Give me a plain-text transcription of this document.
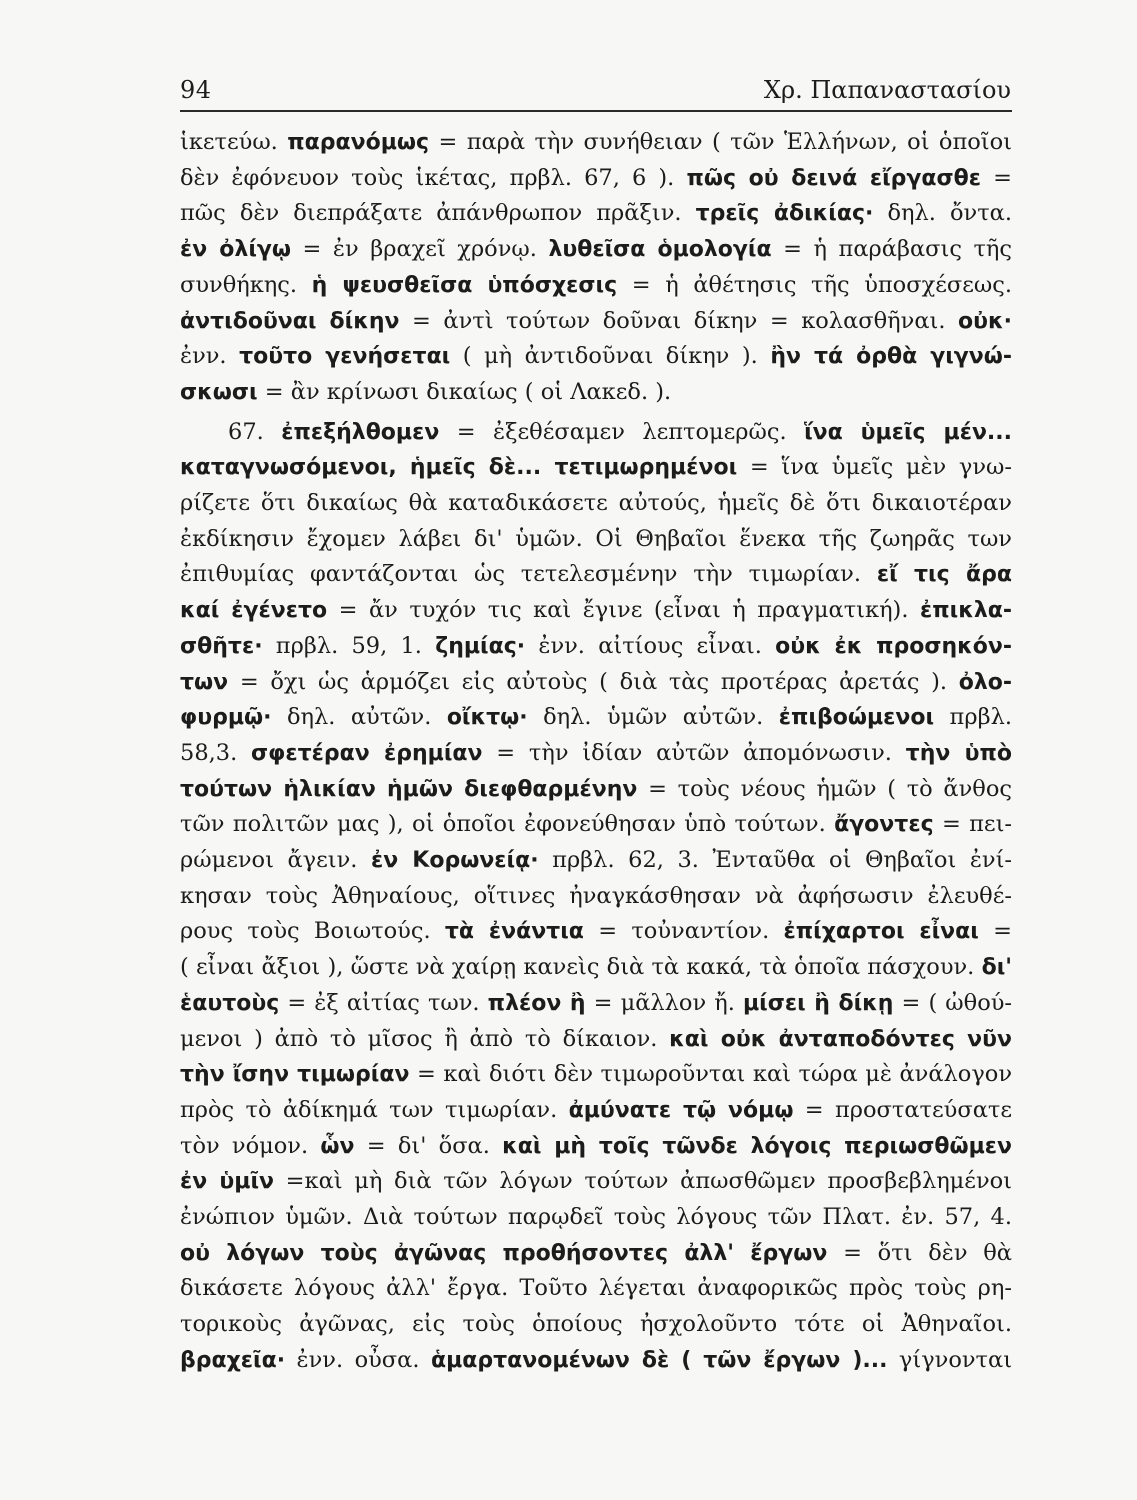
94	Χρ. Παπαναστασίου
ἱκετεύω. παρανόμως = παρὰ τὴν συνήθειαν ( τῶν Ἑλλήνων, οἱ ὁποῖοι
δὲν ἐφόνευον τοὺς ἱκέτας, πρβλ. 67, 6 ). πῶς οὐ δεινά εἴργασθε =
πῶς δὲν διεπράξατε ἀπάνθρωπον πρᾶξιν. τρεῖς ἀδικίας· δηλ. ὄντα.
ἐν ὀλίγῳ = ἐν βραχεῖ χρόνῳ. λυθεῖσα ὁμολογία = ἡ παράβασις τῆς
συνθήκης. ἡ ψευσθεῖσα ὑπόσχεσις = ἡ ἀθέτησις τῆς ὑποσχέσεως.
ἀντιδοῦναι δίκην = ἀντὶ τούτων δοῦναι δίκην = κολασθῆναι. οὐκ·
ἐνν. τοῦτο γενήσεται ( μὴ ἀντιδοῦναι δίκην ). ἢν τά ὀρθὰ γιγνώ-
σκωσι = ἂν κρίνωσι δικαίως ( οἱ Λακεδ. ).
67. ἐπεξήλθομεν = ἐξεθέσαμεν λεπτομερῶς. ἵνα ὑμεῖς μέν...
καταγνωσόμενοι, ἡμεῖς δὲ... τετιμωρημένοι = ἵνα ὑμεῖς μὲν γνω-
ρίζετε ὅτι δικαίως θὰ καταδικάσετε αὐτούς, ἡμεῖς δὲ ὅτι δικαιοτέραν
ἐκδίκησιν ἔχομεν λάβει δι' ὑμῶν. Οἱ Θηβαῖοι ἕνεκα τῆς ζωηρᾶς των
ἐπιθυμίας φαντάζονται ὡς τετελεσμένην τὴν τιμωρίαν. εἴ τις ἄρα
καί ἐγένετο = ἄν τυχόν τις καὶ ἔγινε (εἶναι ἡ πραγματική). ἐπικλα-
σθῆτε· πρβλ. 59, 1. ζημίας· ἐνν. αἰτίους εἶναι. οὐκ ἐκ προσηκόν-
των = ὄχι ὡς ἁρμόζει εἰς αὐτοὺς ( διὰ τὰς προτέρας ἀρετάς ). ὀλο-
φυρμῷ· δηλ. αὐτῶν. οἴκτῳ· δηλ. ὑμῶν αὐτῶν. ἐπιβοώμενοι πρβλ.
58,3. σφετέραν ἐρημίαν = τὴν ἰδίαν αὐτῶν ἀπομόνωσιν. τὴν ὑπὸ
τούτων ἡλικίαν ἡμῶν διεφθαρμένην = τοὺς νέους ἡμῶν ( τὸ ἄνθος
τῶν πολιτῶν μας ), οἱ ὁποῖοι ἐφονεύθησαν ὑπὸ τούτων. ἄγοντες = πει-
ρώμενοι ἄγειν. ἐν Κορωνείᾳ· πρβλ. 62, 3. Ἐνταῦθα οἱ Θηβαῖοι ἐνί-
κησαν τοὺς Ἀθηναίους, οἵτινες ἠναγκάσθησαν νὰ ἀφήσωσιν ἐλευθέ-
ρους τοὺς Βοιωτούς. τὰ ἐνάντια = τοὐναντίον. ἐπίχαρτοι εἶναι =
( εἶναι ἄξιοι ), ὥστε νὰ χαίρῃ κανεὶς διὰ τὰ κακά, τὰ ὁποῖα πάσχουν. δι'
ἑαυτοὺς = ἐξ αἰτίας των. πλέον ἢ = μᾶλλον ἤ. μίσει ἢ δίκῃ = ( ὠθού-
μενοι ) ἀπὸ τὸ μῖσος ἢ ἀπὸ τὸ δίκαιον. καὶ οὐκ ἀνταποδόντες νῦν
τὴν ἴσην τιμωρίαν = καὶ διότι δὲν τιμωροῦνται καὶ τώρα μὲ ἀνάλογον
πρὸς τὸ ἀδίκημά των τιμωρίαν. ἀμύνατε τῷ νόμῳ = προστατεύσατε
τὸν νόμον. ὧν = δι' ὅσα. καὶ μὴ τοῖς τῶνδε λόγοις περιωσθῶμεν
ἐν ὑμῖν =καὶ μὴ διὰ τῶν λόγων τούτων ἀπωσθῶμεν προσβεβλημένοι
ἐνώπιον ὑμῶν. Διὰ τούτων παρῳδεῖ τοὺς λόγους τῶν Πλατ. ἐν. 57, 4.
οὐ λόγων τοὺς ἀγῶνας προθήσοντες ἀλλ' ἔργων = ὅτι δὲν θὰ
δικάσετε λόγους ἀλλ' ἔργα. Τοῦτο λέγεται ἀναφορικῶς πρὸς τοὺς ρη-
τορικοὺς ἀγῶνας, εἰς τοὺς ὁποίους ἠσχολοῦντο τότε οἱ Ἀθηναῖοι.
βραχεῖα· ἐνν. οὖσα. ἁμαρτανομένων δὲ ( τῶν ἔργων )... γίγνονται
